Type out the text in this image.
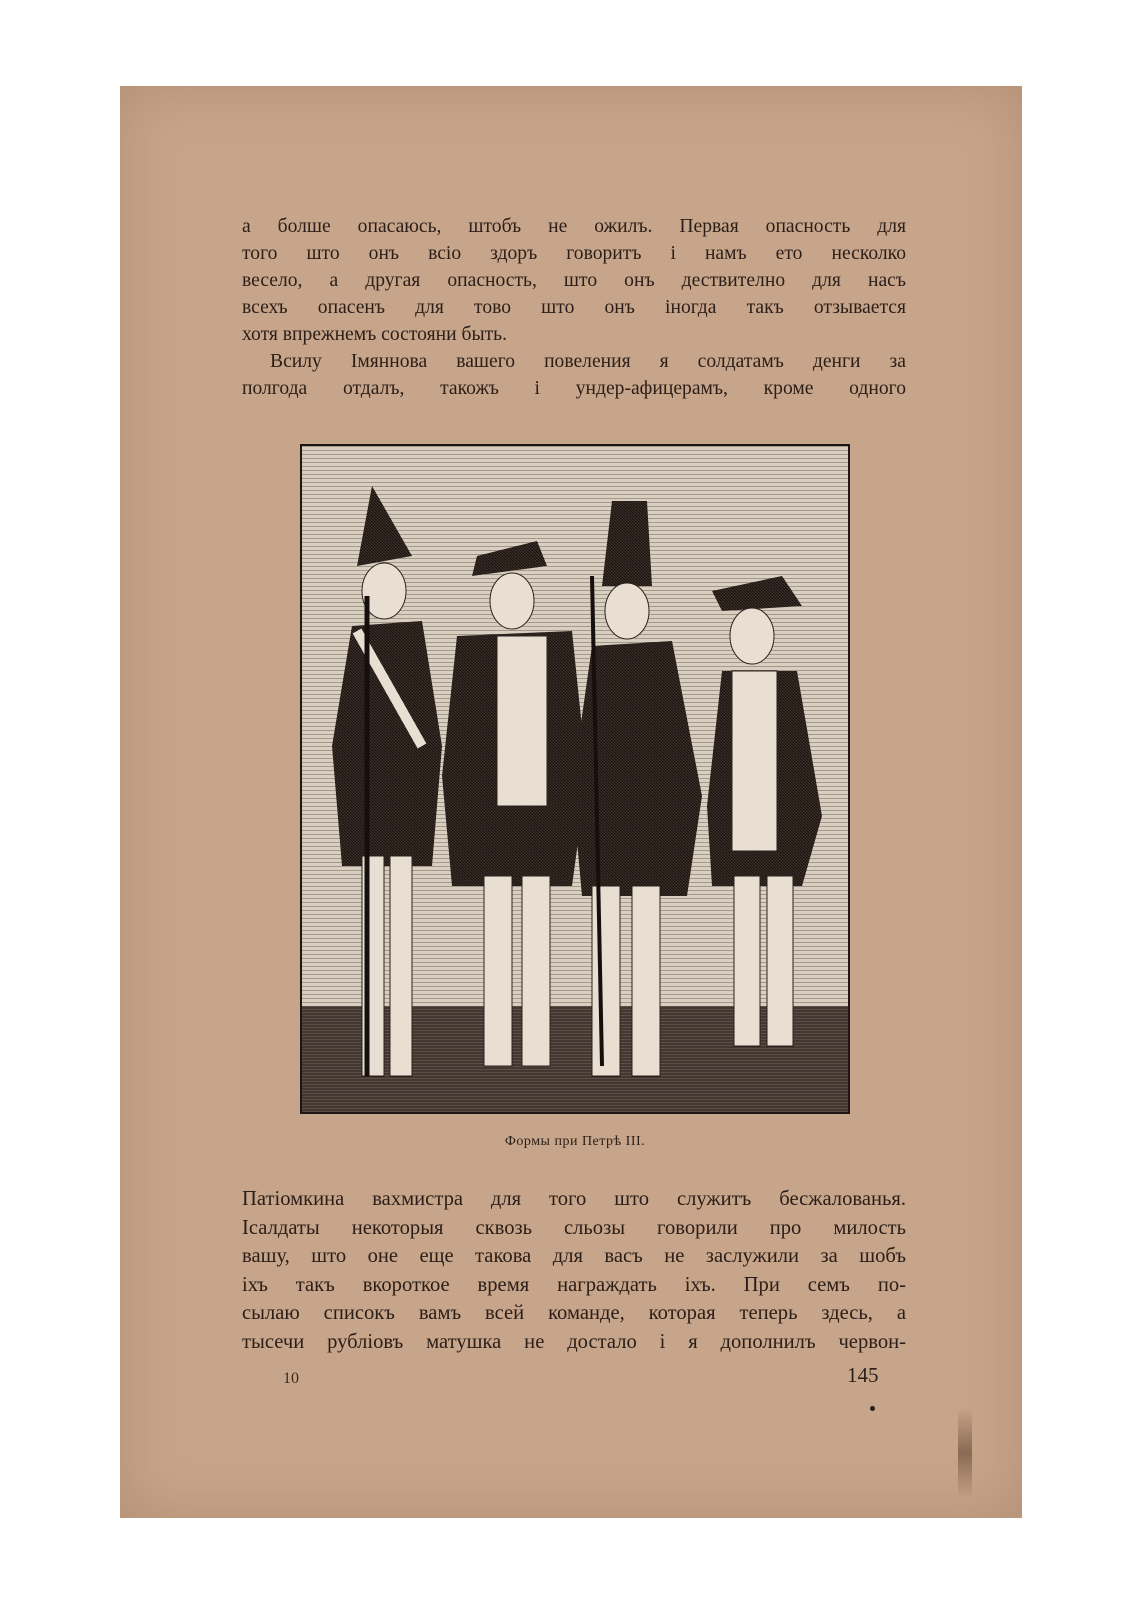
а болше опасаюсь, штобъ не ожилъ. Первая опасность для
того што онъ всiо здоръ говоритъ i намъ ето несколко
весело, а другая опасность, што онъ дествително для насъ
всехъ опасенъ для тово што онъ iногда такъ отзывается
хотя впрежнемъ состояни быть.
Всилу Iмяннова вашего повеления я солдатамъ денги за
полгода отдалъ, такожъ i ундер-афицерамъ, кроме одного
Формы при Петрѣ III.
Патiомкина вахмистра для того што служитъ бесжалованья.
Iсалдаты некоторыя сквозь сльозы говорили про милость
вашу, што оне еще такова для васъ не заслужили за шобъ
iхъ такъ вкороткое время награждать iхъ. При семъ по-
сылаю списокъ вамъ всей команде, которая теперь здесь, а
тысечи рублiовъ матушка не достало i я дополнилъ червон-
10	145
